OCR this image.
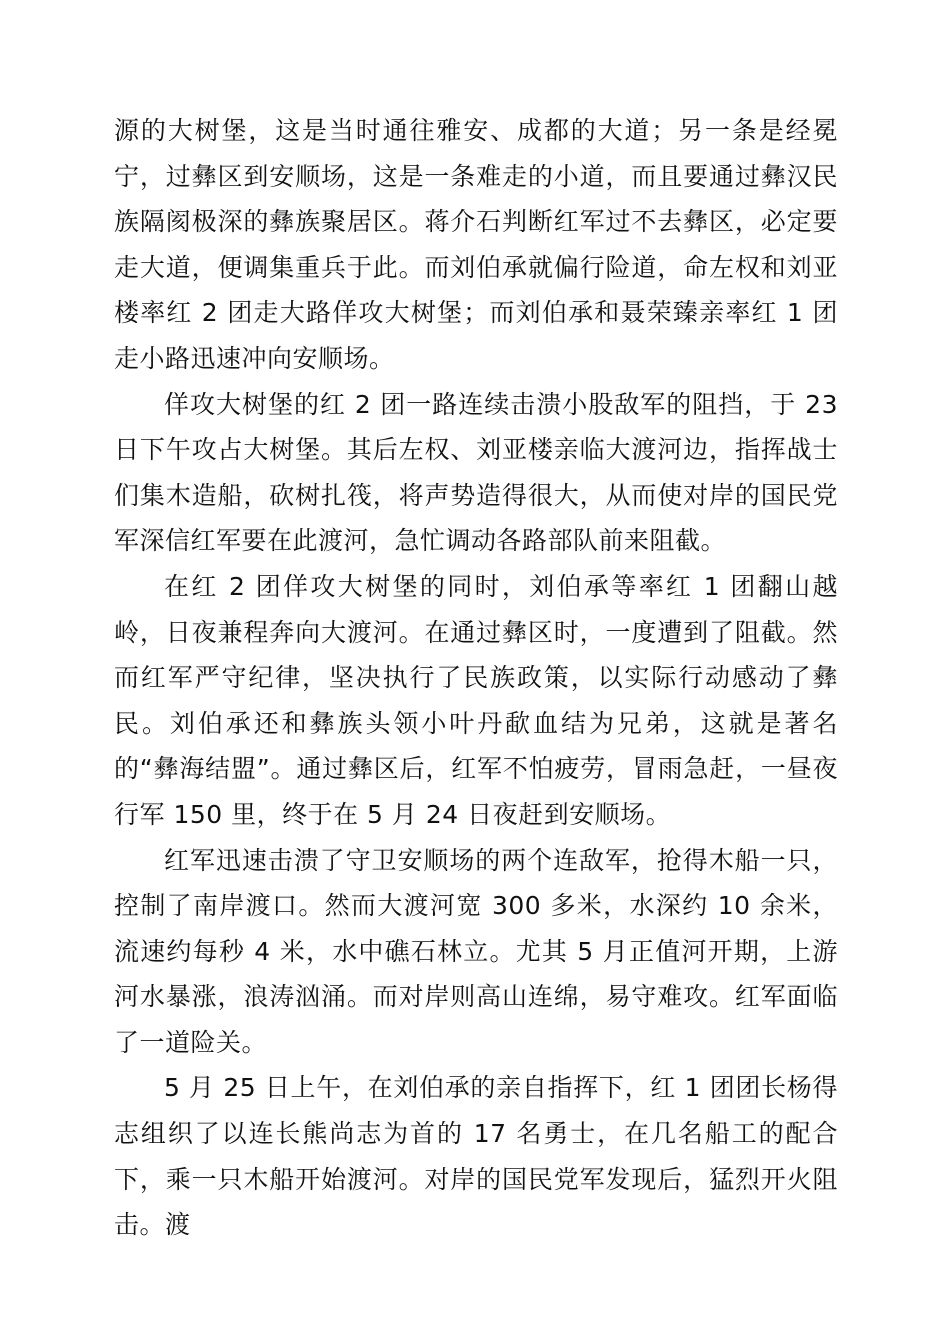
源的大树堡，这是当时通往雅安、成都的大道；另一条是经冕宁，过彝区到安顺场，这是一条难走的小道，而且要通过彝汉民族隔阂极深的彝族聚居区。蒋介石判断红军过不去彝区，必定要走大道，便调集重兵于此。而刘伯承就偏行险道，命左权和刘亚楼率红 2 团走大路佯攻大树堡；而刘伯承和聂荣臻亲率红 1 团走小路迅速冲向安顺场。

佯攻大树堡的红 2 团一路连续击溃小股敌军的阻挡，于 23 日下午攻占大树堡。其后左权、刘亚楼亲临大渡河边，指挥战士们集木造船，砍树扎筏，将声势造得很大，从而使对岸的国民党军深信红军要在此渡河，急忙调动各路部队前来阻截。

在红 2 团佯攻大树堡的同时，刘伯承等率红 1 团翻山越岭，日夜兼程奔向大渡河。在通过彝区时，一度遭到了阻截。然而红军严守纪律，坚决执行了民族政策，以实际行动感动了彝民。刘伯承还和彝族头领小叶丹歃血结为兄弟，这就是著名的“彝海结盟”。通过彝区后，红军不怕疲劳，冒雨急赶，一昼夜行军 150 里，终于在 5 月 24 日夜赶到安顺场。

红军迅速击溃了守卫安顺场的两个连敌军，抢得木船一只，控制了南岸渡口。然而大渡河宽 300 多米，水深约 10 余米，流速约每秒 4 米，水中礁石林立。尤其 5 月正值河开期，上游河水暴涨，浪涛汹涌。而对岸则高山连绵，易守难攻。红军面临了一道险关。

5 月 25 日上午，在刘伯承的亲自指挥下，红 1 团团长杨得志组织了以连长熊尚志为首的 17 名勇士，在几名船工的配合下，乘一只木船开始渡河。对岸的国民党军发现后，猛烈开火阻击。渡
